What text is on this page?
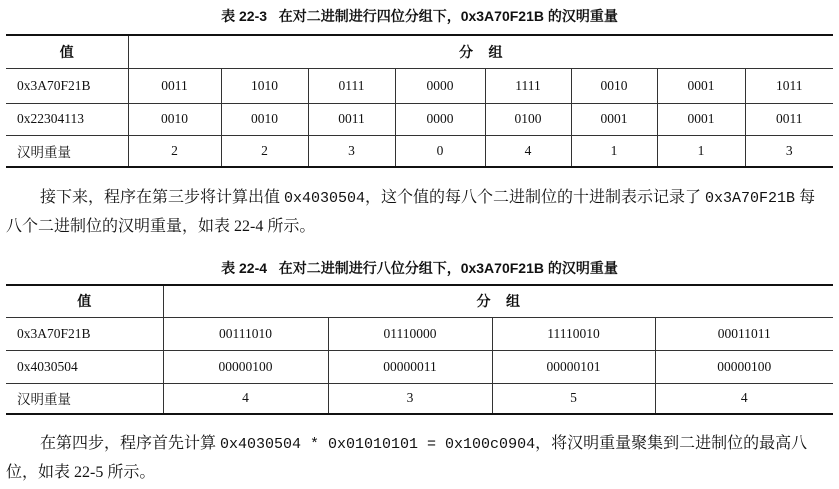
表 22-3   在对二进制进行四位分组下，0x3A70F21B 的汉明重量
值	分    组							
0x3A70F21B	0011	1010	0111	0000	1111	0010	0001	1011
0x22304113	0010	0010	0011	0000	0100	0001	0001	0011
汉明重量	2	2	3	0	4	1	1	3

接下来，程序在第三步将计算出值 0x4030504，这个值的每八个二进制位的十进制表示记录了 0x3A70F21B 每八个二进制位的汉明重量，如表 22-4 所示。

表 22-4   在对二进制进行八位分组下，0x3A70F21B 的汉明重量
值	分    组			
0x3A70F21B	00111010	01110000	11110010	00011011
0x4030504	00000100	00000011	00000101	00000100
汉明重量	4	3	5	4

在第四步，程序首先计算 0x4030504 * 0x01010101 = 0x100c0904，将汉明重量聚集到二进制位的最高八位，如表 22-5 所示。
